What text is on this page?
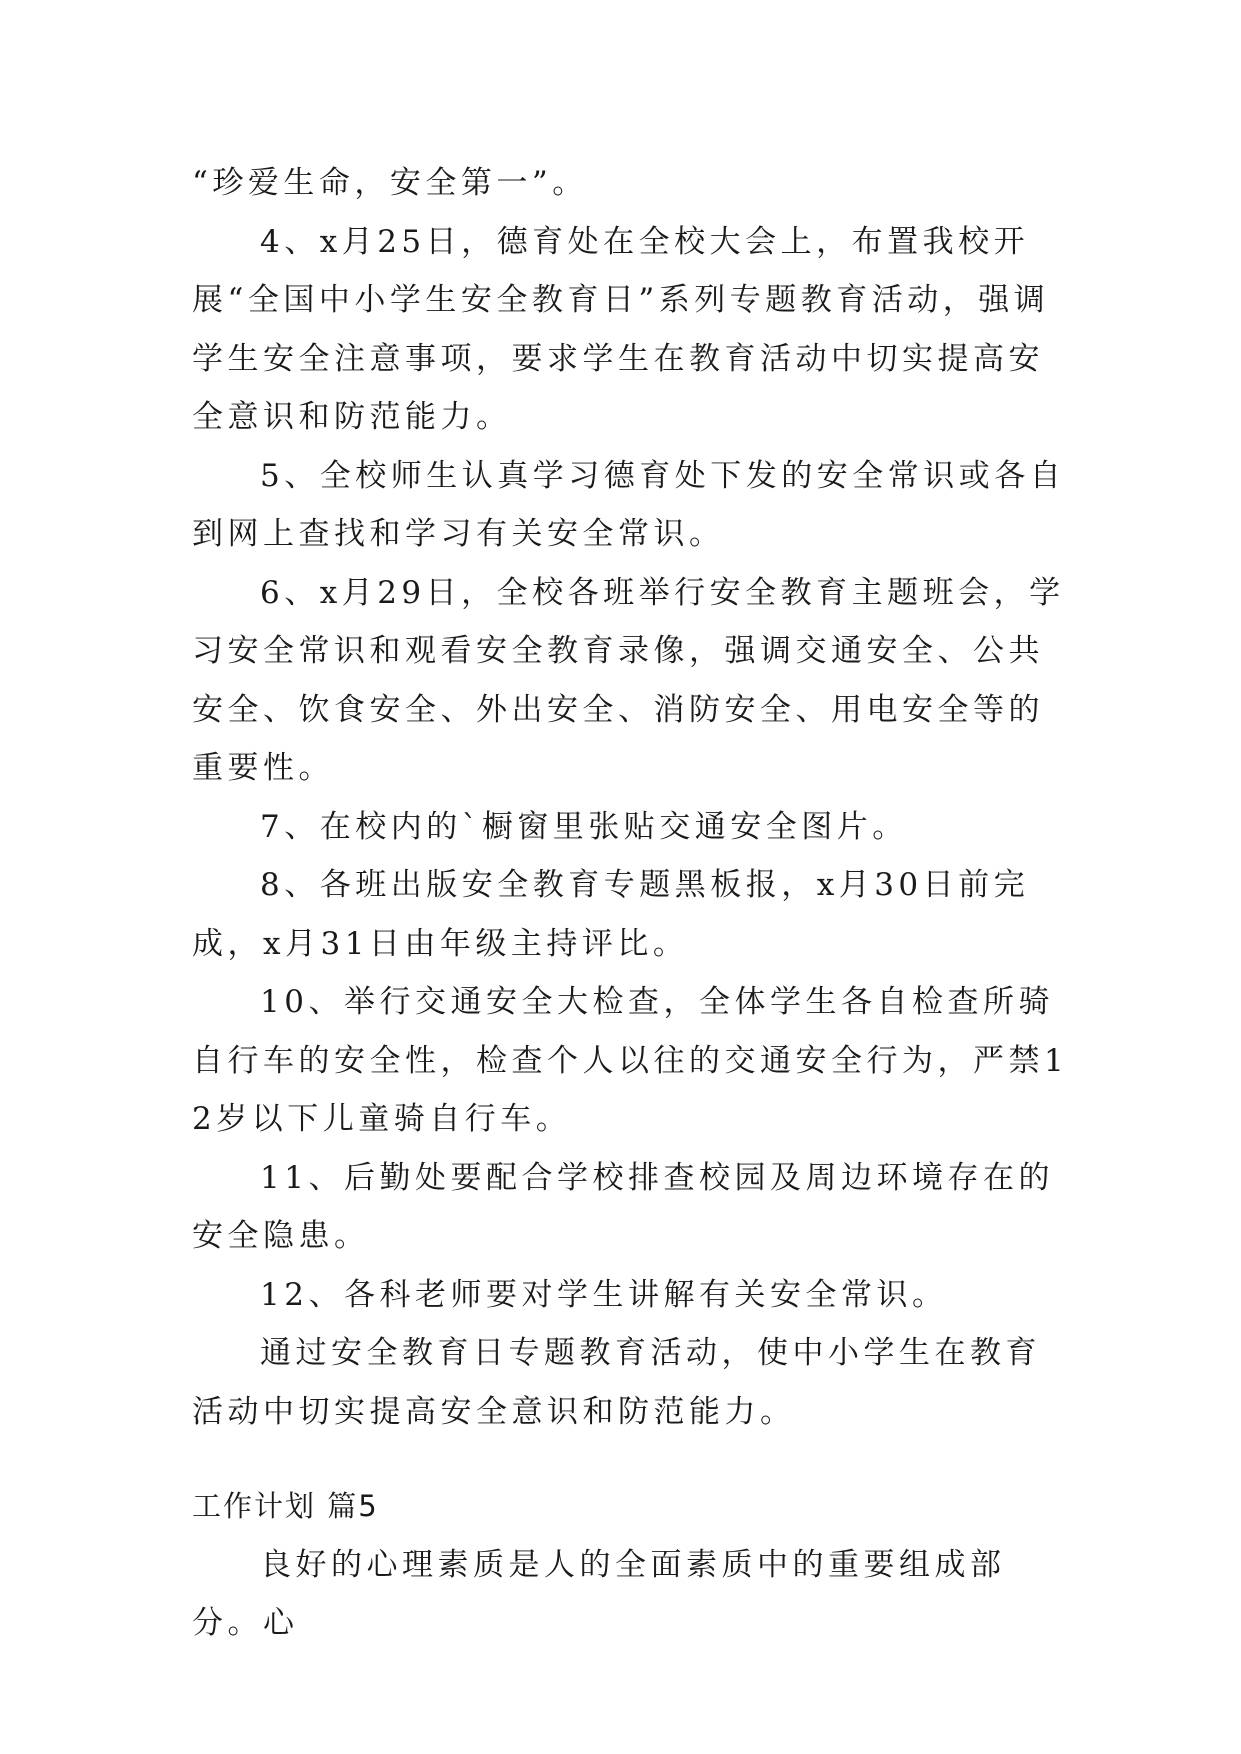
“珍爱生命，安全第一”。

4、x月25日，德育处在全校大会上，布置我校开展“全国中小学生安全教育日”系列专题教育活动，强调学生安全注意事项，要求学生在教育活动中切实提高安全意识和防范能力。

5、全校师生认真学习德育处下发的安全常识或各自到网上查找和学习有关安全常识。

6、x月29日，全校各班举行安全教育主题班会，学习安全常识和观看安全教育录像，强调交通安全、公共安全、饮食安全、外出安全、消防安全、用电安全等的重要性。

7、在校内的`橱窗里张贴交通安全图片。

8、各班出版安全教育专题黑板报，x月30日前完成，x月31日由年级主持评比。

10、举行交通安全大检查，全体学生各自检查所骑自行车的安全性，检查个人以往的交通安全行为，严禁12岁以下儿童骑自行车。

11、后勤处要配合学校排查校园及周边环境存在的安全隐患。

12、各科老师要对学生讲解有关安全常识。

通过安全教育日专题教育活动，使中小学生在教育活动中切实提高安全意识和防范能力。

工作计划 篇5

良好的心理素质是人的全面素质中的重要组成部分。心
